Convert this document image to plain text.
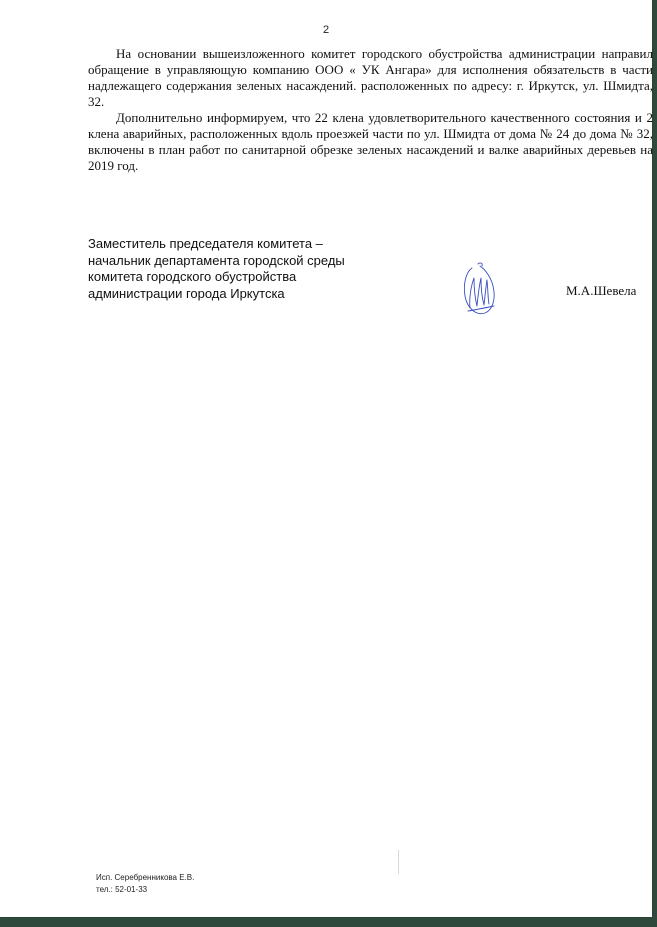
2

На основании вышеизложенного комитет городского обустройства администрации направил обращение в управляющую компанию ООО « УК Ангара» для исполнения обязательств в части надлежащего содержания зеленых насаждений. расположенных по адресу: г. Иркутск, ул. Шмидта, 32.

Дополнительно информируем, что 22 клена удовлетворительного качественного состояния и 2 клена аварийных, расположенных вдоль проезжей части по ул. Шмидта от дома № 24 до дома № 32, включены в план работ по санитарной обрезке зеленых насаждений и валке аварийных деревьев на 2019 год.

Заместитель председателя комитета –
начальник департамента городской среды
комитета городского обустройства
администрации города Иркутска	М.А.Шевела
Исп. Серебренникова Е.В.
тел.: 52-01-33
